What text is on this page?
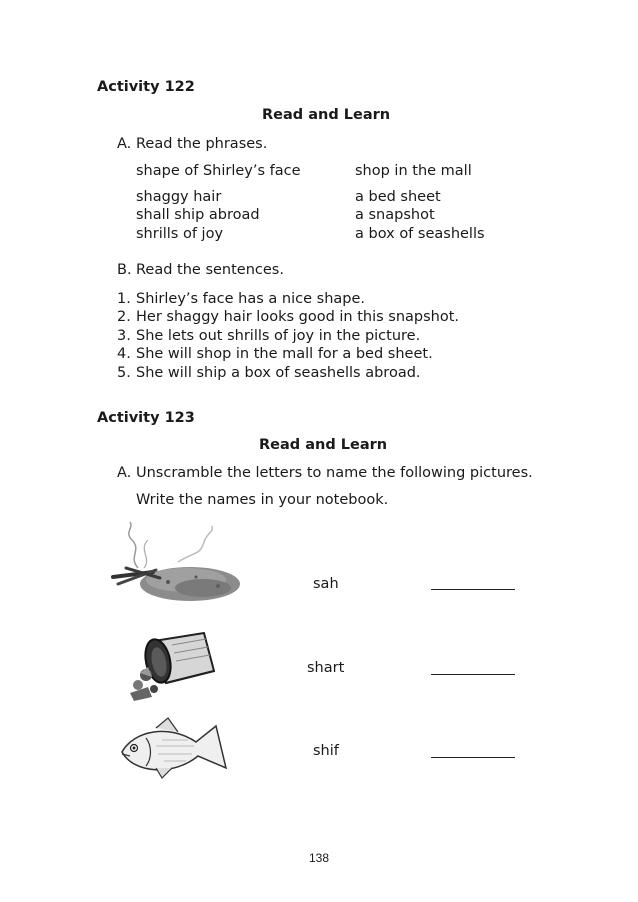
Activity 122
Read and Learn
A. Read the phrases.
shape of Shirley’s face
shaggy hair
shall ship abroad
shrills of joy
shop in the mall
a bed sheet
a snapshot
a box of seashells
B. Read the sentences.
1. Shirley’s face has a nice shape.
2. Her shaggy hair looks good in this snapshot.
3. She lets out shrills of joy in the picture.
4. She will shop in the mall for a bed sheet.
5. She will ship a box of seashells abroad.
Activity 123
Read and Learn
A. Unscramble the letters to name the following pictures.
Write the names in your notebook.
sah
shart
shif
138
